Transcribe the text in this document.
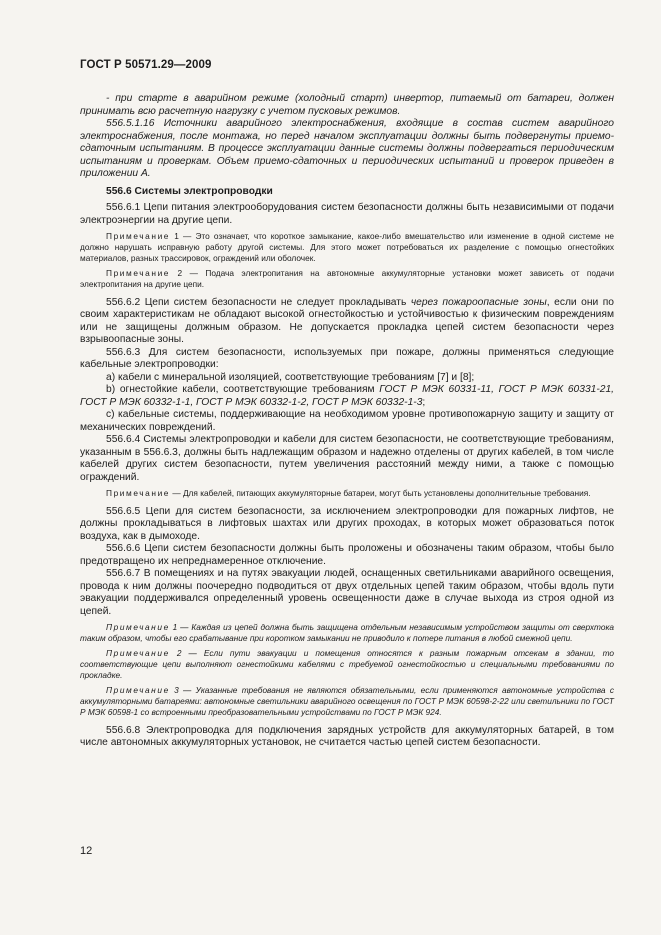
ГОСТ Р 50571.29—2009

- при старте в аварийном режиме (холодный старт) инвертор, питаемый от батареи, должен принимать всю расчетную нагрузку с учетом пусковых режимов.

556.5.1.16 Источники аварийного электроснабжения, входящие в состав систем аварийного электроснабжения, после монтажа, но перед началом эксплуатации должны быть подвергнуты приемо-сдаточным испытаниям. В процессе эксплуатации данные системы должны подвергаться периодическим испытаниям и проверкам. Объем приемо-сдаточных и периодических испытаний и проверок приведен в приложении А.

556.6 Системы электропроводки

556.6.1 Цепи питания электрооборудования систем безопасности должны быть независимыми от подачи электроэнергии на другие цепи.

Примечание 1 — Это означает, что короткое замыкание, какое-либо вмешательство или изменение в одной системе не должно нарушать исправную работу другой системы. Для этого может потребоваться их разделение с помощью огнестойких материалов, разных трассировок, ограждений или оболочек.

Примечание 2 — Подача электропитания на автономные аккумуляторные установки может зависеть от подачи электропитания на другие цепи.

556.6.2 Цепи систем безопасности не следует прокладывать через пожароопасные зоны, если они по своим характеристикам не обладают высокой огнестойкостью и устойчивостью к физическим повреждениям или не защищены должным образом. Не допускается прокладка цепей систем безопасности через взрывоопасные зоны.

556.6.3 Для систем безопасности, используемых при пожаре, должны применяться следующие кабельные электропроводки:

a) кабели с минеральной изоляцией, соответствующие требованиям [7] и [8];

b) огнестойкие кабели, соответствующие требованиям ГОСТ Р МЭК 60331-11, ГОСТ Р МЭК 60331-21, ГОСТ Р МЭК 60332-1-1, ГОСТ Р МЭК 60332-1-2, ГОСТ Р МЭК 60332-1-3;

c) кабельные системы, поддерживающие на необходимом уровне противопожарную защиту и защиту от механических повреждений.

556.6.4 Системы электропроводки и кабели для систем безопасности, не соответствующие требованиям, указанным в 556.6.3, должны быть надлежащим образом и надежно отделены от других кабелей, в том числе кабелей других систем безопасности, путем увеличения расстояний между ними, а также с помощью ограждений.

Примечание — Для кабелей, питающих аккумуляторные батареи, могут быть установлены дополнительные требования.

556.6.5 Цепи для систем безопасности, за исключением электропроводки для пожарных лифтов, не должны прокладываться в лифтовых шахтах или других проходах, в которых может образоваться поток воздуха, как в дымоходе.

556.6.6 Цепи систем безопасности должны быть проложены и обозначены таким образом, чтобы было предотвращено их непреднамеренное отключение.

556.6.7 В помещениях и на путях эвакуации людей, оснащенных светильниками аварийного освещения, провода к ним должны поочередно подводиться от двух отдельных цепей таким образом, чтобы вдоль пути эвакуации поддерживался определенный уровень освещенности даже в случае выхода из строя одной из цепей.

Примечание 1 — Каждая из цепей должна быть защищена отдельным независимым устройством защиты от сверхтока таким образом, чтобы его срабатывание при коротком замыкании не приводило к потере питания в любой смежной цепи.

Примечание 2 — Если пути эвакуации и помещения относятся к разным пожарным отсекам в здании, то соответствующие цепи выполняют огнестойкими кабелями с требуемой огнестойкостью и специальными требованиями по прокладке.

Примечание 3 — Указанные требования не являются обязательными, если применяются автономные устройства с аккумуляторными батареями: автономные светильники аварийного освещения по ГОСТ Р МЭК 60598-2-22 или светильники по ГОСТ Р МЭК 60598-1 со встроенными преобразовательными устройствами по ГОСТ Р МЭК 924.

556.6.8 Электропроводка для подключения зарядных устройств для аккумуляторных батарей, в том числе автономных аккумуляторных установок, не считается частью цепей систем безопасности.

12
